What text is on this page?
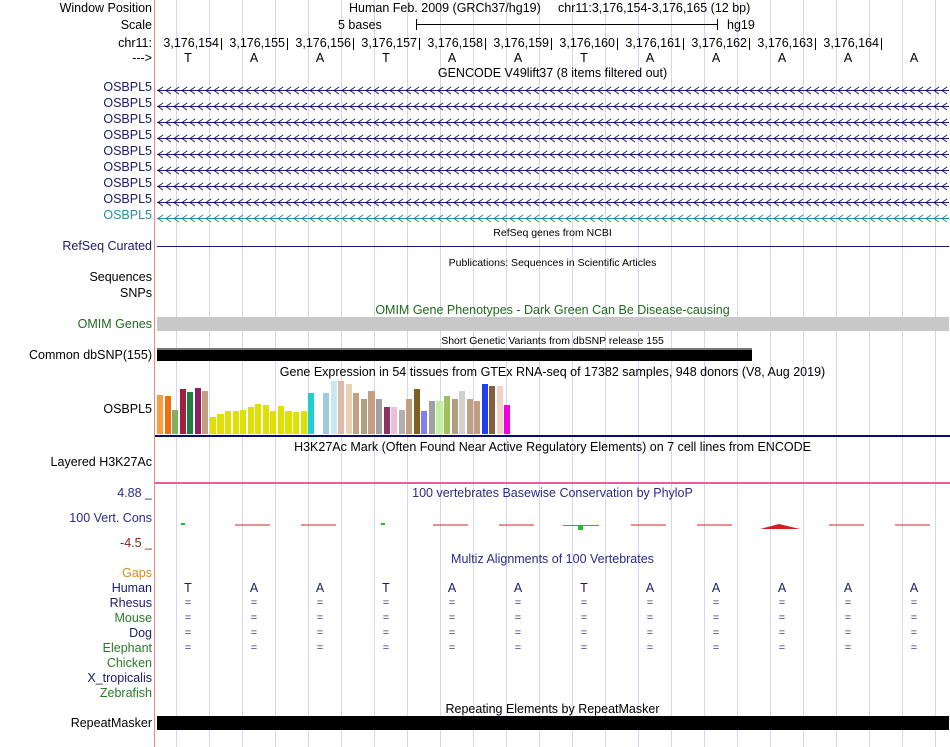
Window Position	Human Feb. 2009 (GRCh37/hg19) chr11:3,176,154-3,176,165 (12 bp)
Scale	5 bases	hg19
chr11:
--->
GENCODE V49lift37 (8 items filtered out)
RefSeq genes from NCBI
RefSeq Curated
Publications: Sequences in Scientific Articles
Sequences
SNPs
OMIM Gene Phenotypes - Dark Green Can Be Disease-causing
OMIM Genes
Short Genetic Variants from dbSNP release 155
Common dbSNP(155)
Gene Expression in 54 tissues from GTEx RNA-seq of 17382 samples, 948 donors (V8, Aug 2019)
OSBPL5
H3K27Ac Mark (Often Found Near Active Regulatory Elements) on 7 cell lines from ENCODE
Layered H3K27Ac
100 vertebrates Basewise Conservation by PhyloP
4.88 _
100 Vert. Cons
-4.5 _
Multiz Alignments of 100 Vertebrates
Gaps
Repeating Elements by RepeatMasker
RepeatMasker
3,176,154 3,176,155 3,176,156 3,176,157 3,176,158 3,176,159 3,176,160 3,176,161 3,176,162 3,176,163 3,176,164
T	A	A	T	A	A	T	A	A	A	A	A
OSBPL5
OSBPL5
OSBPL5
OSBPL5
OSBPL5
OSBPL5
OSBPL5
OSBPL5
OSBPL5
Human	T	A	A	T	A	A	T	A	A	A	A	A
Rhesus	=	=	=	=	=	=	=	=	=	=	=	=
Mouse	=	=	=	=	=	=	=	=	=	=	=	=
Dog	=	=	=	=	=	=	=	=	=	=	=	=
Elephant	=	=	=	=	=	=	=	=	=	=	=	=
Chicken
X_tropicalis
Zebrafish
